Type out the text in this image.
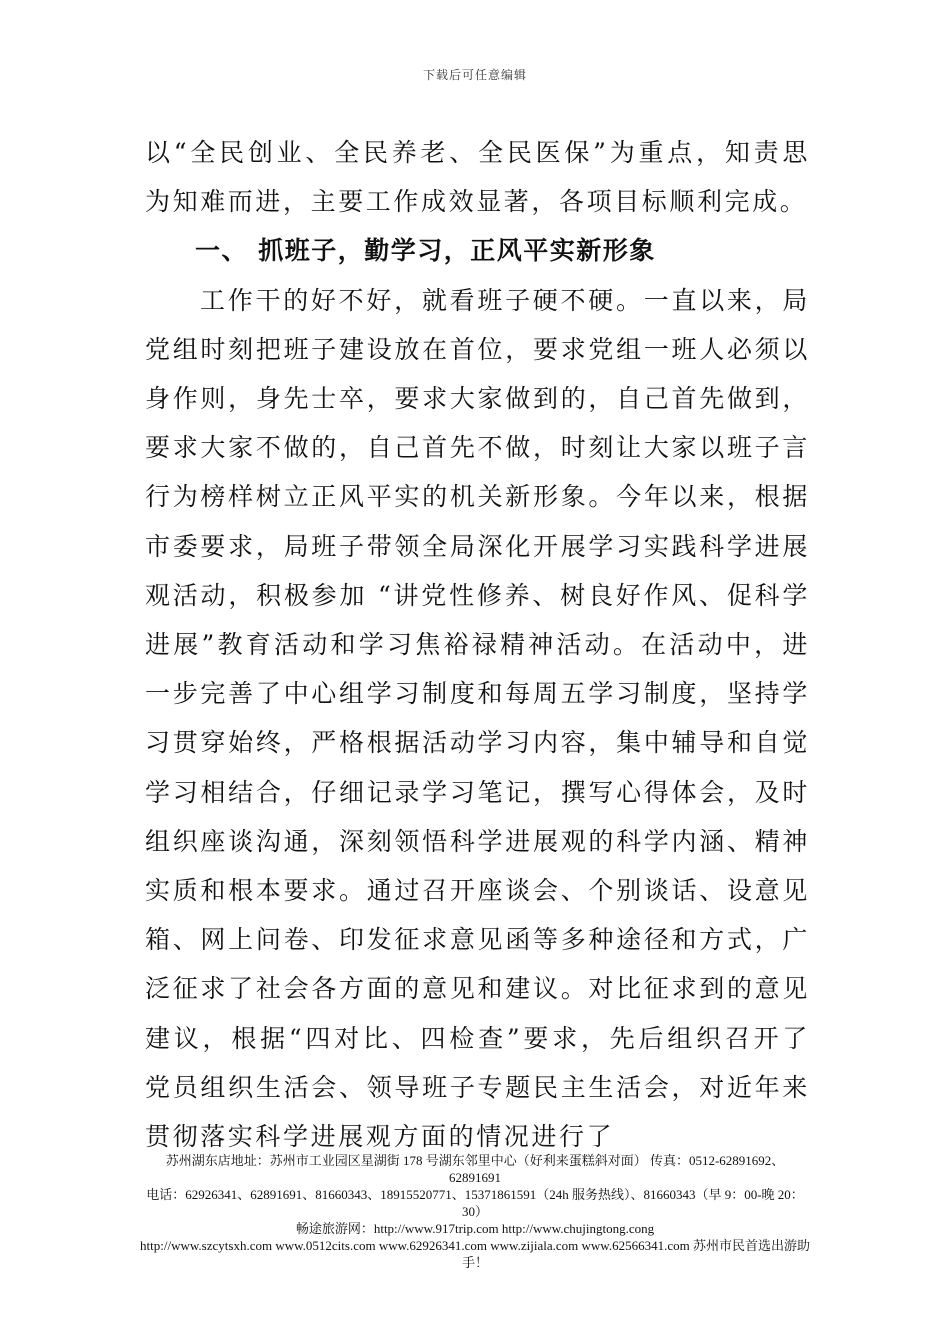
下载后可任意编辑

以“全民创业、全民养老、全民医保”为重点，知责思为知难而进，主要工作成效显著，各项目标顺利完成。

一、 抓班子，勤学习，正风平实新形象

工作干的好不好，就看班子硬不硬。一直以来，局党组时刻把班子建设放在首位，要求党组一班人必须以身作则，身先士卒，要求大家做到的，自己首先做到，要求大家不做的，自己首先不做，时刻让大家以班子言行为榜样树立正风平实的机关新形象。今年以来，根据市委要求，局班子带领全局深化开展学习实践科学进展观活动，积极参加 “讲党性修养、树良好作风、促科学进展”教育活动和学习焦裕禄精神活动。在活动中，进一步完善了中心组学习制度和每周五学习制度，坚持学习贯穿始终，严格根据活动学习内容，集中辅导和自觉学习相结合，仔细记录学习笔记，撰写心得体会，及时组织座谈沟通，深刻领悟科学进展观的科学内涵、精神实质和根本要求。通过召开座谈会、个别谈话、设意见箱、网上问卷、印发征求意见函等多种途径和方式，广泛征求了社会各方面的意见和建议。对比征求到的意见建议，根据“四对比、四检查”要求，先后组织召开了党员组织生活会、领导班子专题民主生活会，对近年来贯彻落实科学进展观方面的情况进行了

苏州湖东店地址：苏州市工业园区星湖街 178 号湖东邻里中心（好利来蛋糕斜对面） 传真：0512-62891692、62891691
电话：62926341、62891691、81660343、18915520771、15371861591（24h 服务热线）、81660343（早 9：00-晚 20：30）
畅途旅游网：http://www.917trip.com http://www.chujingtong.cong
http://www.szcytsxh.com www.0512cits.com www.62926341.com www.zijiala.com www.62566341.com 苏州市民首选出游助手！
